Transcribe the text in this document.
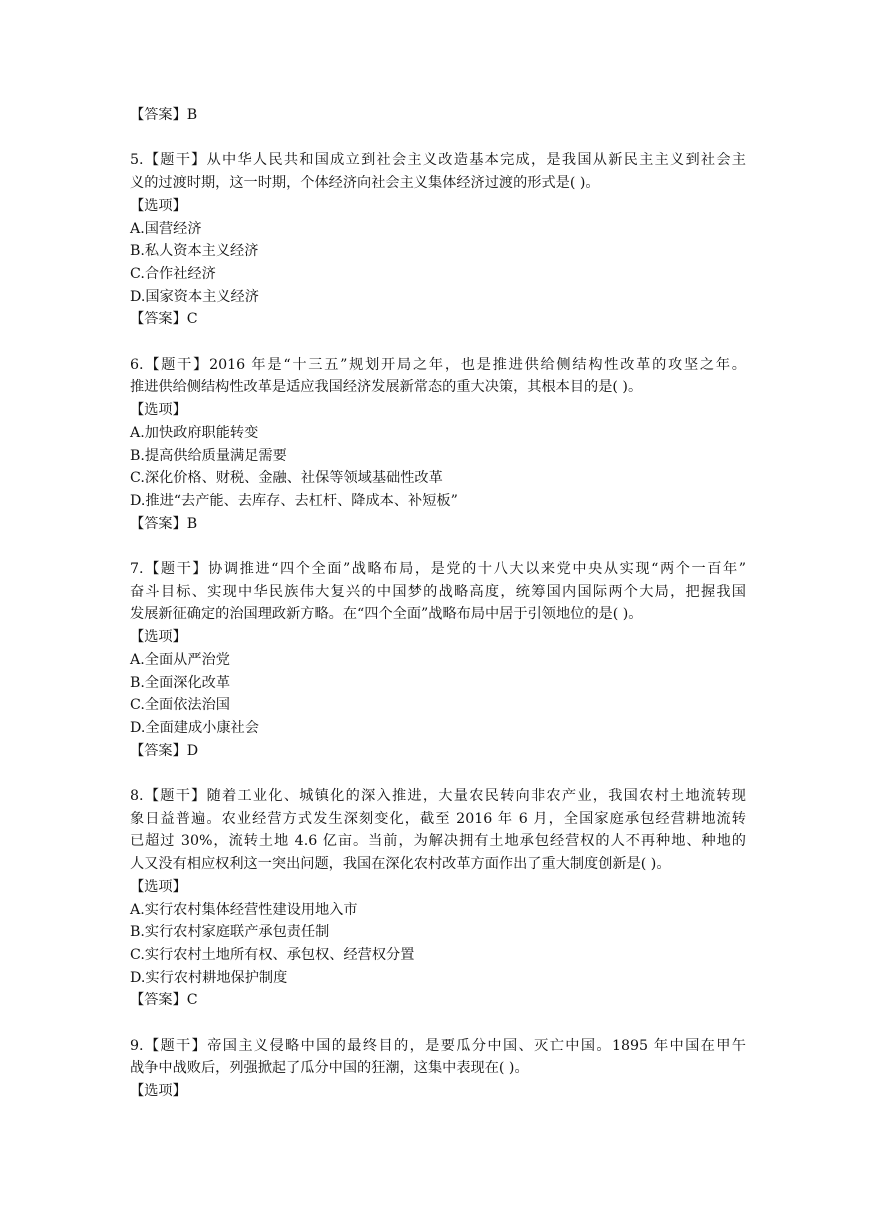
【答案】B
5.【题干】从中华人民共和国成立到社会主义改造基本完成，是我国从新民主主义到社会主
义的过渡时期，这一时期，个体经济向社会主义集体经济过渡的形式是( )。
【选项】
A.国营经济
B.私人资本主义经济
C.合作社经济
D.国家资本主义经济
【答案】C
6.【题干】2016 年是“十三五”规划开局之年，也是推进供给侧结构性改革的攻坚之年。
推进供给侧结构性改革是适应我国经济发展新常态的重大决策，其根本目的是( )。
【选项】
A.加快政府职能转变
B.提高供给质量满足需要
C.深化价格、财税、金融、社保等领域基础性改革
D.推进“去产能、去库存、去杠杆、降成本、补短板”
【答案】B
7.【题干】协调推进“四个全面”战略布局，是党的十八大以来党中央从实现“两个一百年”
奋斗目标、实现中华民族伟大复兴的中国梦的战略高度，统筹国内国际两个大局，把握我国
发展新征确定的治国理政新方略。在“四个全面”战略布局中居于引领地位的是( )。
【选项】
A.全面从严治党
B.全面深化改革
C.全面依法治国
D.全面建成小康社会
【答案】D
8.【题干】随着工业化、城镇化的深入推进，大量农民转向非农产业，我国农村土地流转现
象日益普遍。农业经营方式发生深刻变化，截至 2016 年 6 月，全国家庭承包经营耕地流转
已超过 30%，流转土地 4.6 亿亩。当前，为解决拥有土地承包经营权的人不再种地、种地的
人又没有相应权利这一突出问题，我国在深化农村改革方面作出了重大制度创新是( )。
【选项】
A.实行农村集体经营性建设用地入市
B.实行农村家庭联产承包责任制
C.实行农村土地所有权、承包权、经营权分置
D.实行农村耕地保护制度
【答案】C
9.【题干】帝国主义侵略中国的最终目的，是要瓜分中国、灭亡中国。1895 年中国在甲午
战争中战败后，列强掀起了瓜分中国的狂潮，这集中表现在( )。
【选项】
